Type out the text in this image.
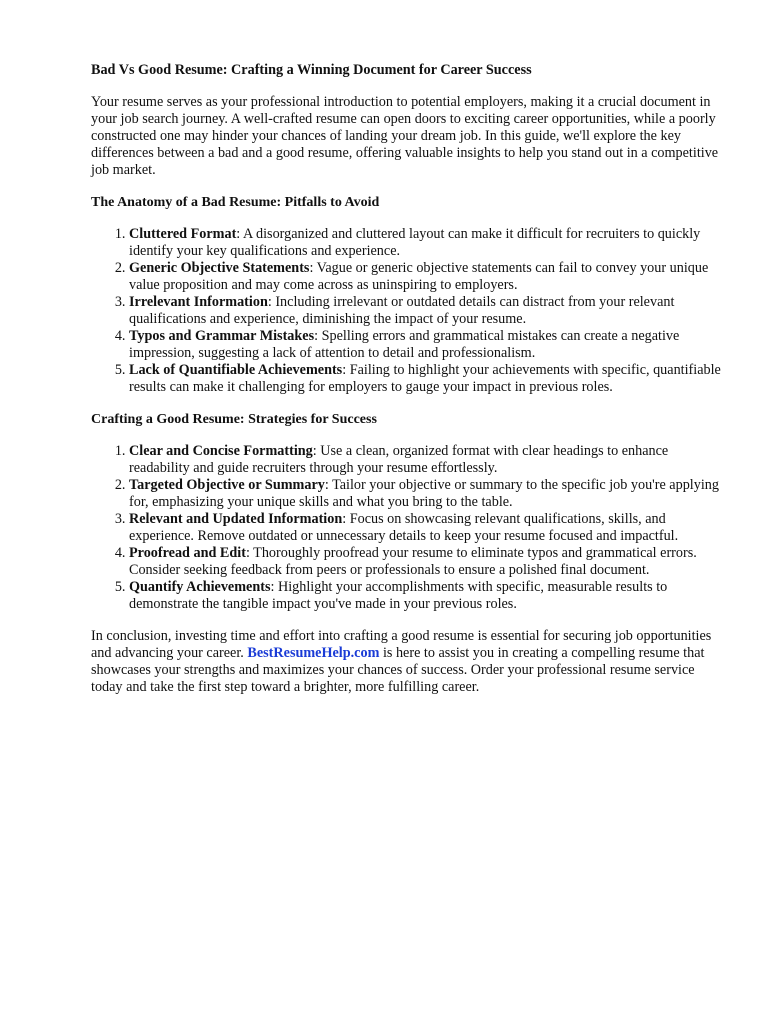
Bad Vs Good Resume: Crafting a Winning Document for Career Success

Your resume serves as your professional introduction to potential employers, making it a crucial document in your job search journey. A well-crafted resume can open doors to exciting career opportunities, while a poorly constructed one may hinder your chances of landing your dream job. In this guide, we'll explore the key differences between a bad and a good resume, offering valuable insights to help you stand out in a competitive job market.

The Anatomy of a Bad Resume: Pitfalls to Avoid
1. Cluttered Format: A disorganized and cluttered layout can make it difficult for recruiters to quickly identify your key qualifications and experience.
2. Generic Objective Statements: Vague or generic objective statements can fail to convey your unique value proposition and may come across as uninspiring to employers.
3. Irrelevant Information: Including irrelevant or outdated details can distract from your relevant qualifications and experience, diminishing the impact of your resume.
4. Typos and Grammar Mistakes: Spelling errors and grammatical mistakes can create a negative impression, suggesting a lack of attention to detail and professionalism.
5. Lack of Quantifiable Achievements: Failing to highlight your achievements with specific, quantifiable results can make it challenging for employers to gauge your impact in previous roles.
Crafting a Good Resume: Strategies for Success
1. Clear and Concise Formatting: Use a clean, organized format with clear headings to enhance readability and guide recruiters through your resume effortlessly.
2. Targeted Objective or Summary: Tailor your objective or summary to the specific job you're applying for, emphasizing your unique skills and what you bring to the table.
3. Relevant and Updated Information: Focus on showcasing relevant qualifications, skills, and experience. Remove outdated or unnecessary details to keep your resume focused and impactful.
4. Proofread and Edit: Thoroughly proofread your resume to eliminate typos and grammatical errors. Consider seeking feedback from peers or professionals to ensure a polished final document.
5. Quantify Achievements: Highlight your accomplishments with specific, measurable results to demonstrate the tangible impact you've made in your previous roles.

In conclusion, investing time and effort into crafting a good resume is essential for securing job opportunities and advancing your career. BestResumeHelp.com is here to assist you in creating a compelling resume that showcases your strengths and maximizes your chances of success. Order your professional resume service today and take the first step toward a brighter, more fulfilling career.
